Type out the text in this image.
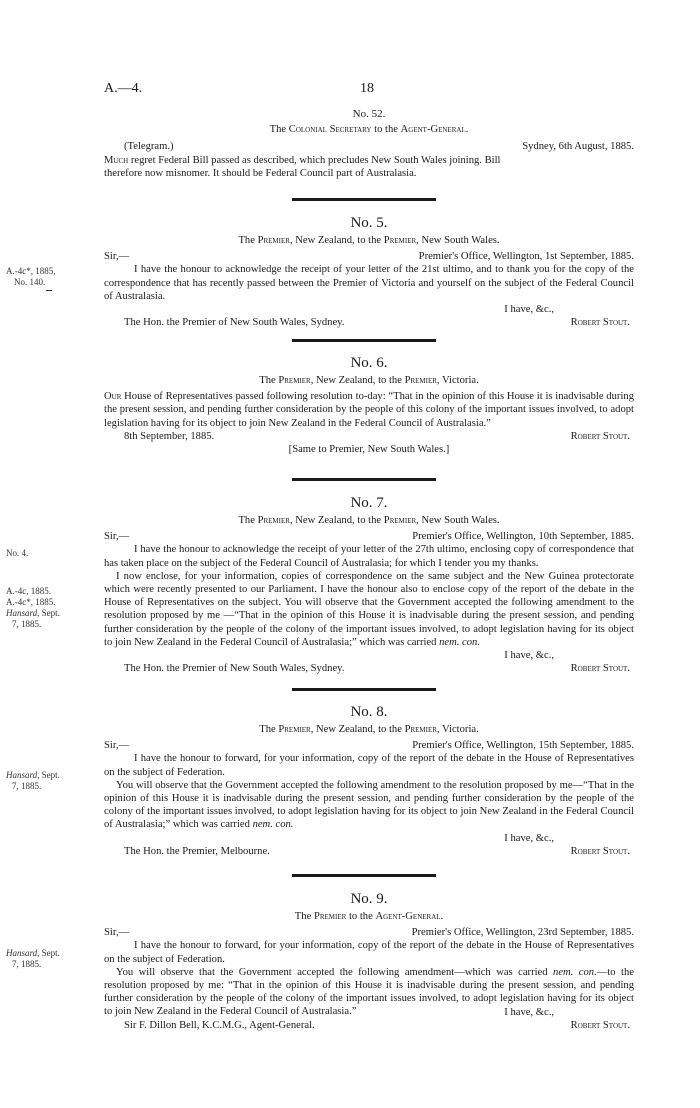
A.—4.	18

No. 52.

The Colonial Secretary to the Agent-General.

(Telegram.)	Sydney, 6th August, 1885.

Much regret Federal Bill passed as described, which precludes New South Wales joining. Bill

therefore now misnomer. It should be Federal Council part of Australasia.

No. 5.

The Premier, New Zealand, to the Premier, New South Wales.

Sir,—	Premier's Office, Wellington, 1st September, 1885.

I have the honour to acknowledge the receipt of your letter of the 21st ultimo, and to thank you for the copy of the correspondence that has recently passed between the Premier of Victoria and yourself on the subject of the Federal Council of Australasia.

I have, &c.,

The Hon. the Premier of New South Wales, Sydney.	Robert Stout.

No. 6.

The Premier, New Zealand, to the Premier, Victoria.

Our House of Representatives passed following resolution to-day: “That in the opinion of this House it is inadvisable during the present session, and pending further consideration by the people of this colony of the important issues involved, to adopt legislation having for its object to join New Zealand in the Federal Council of Australasia.”

8th September, 1885.	Robert Stout.

[Same to Premier, New South Wales.]

No. 7.

The Premier, New Zealand, to the Premier, New South Wales.

Sir,—	Premier's Office, Wellington, 10th September, 1885.

I have the honour to acknowledge the receipt of your letter of the 27th ultimo, enclosing copy of correspondence that has taken place on the subject of the Federal Council of Australasia; for which I tender you my thanks.

I now enclose, for your information, copies of correspondence on the same subject and the New Guinea protectorate which were recently presented to our Parliament. I have the honour also to enclose copy of the report of the debate in the House of Representatives on the subject. You will observe that the Government accepted the following amendment to the resolution proposed by me —“That in the opinion of this House it is inadvisable during the present session, and pending further consideration by the people of the colony of the important issues involved, to adopt legislation having for its object to join New Zealand in the Federal Council of Australasia;” which was carried nem. con.

I have, &c.,

The Hon. the Premier of New South Wales, Sydney.	Robert Stout.

No. 8.

The Premier, New Zealand, to the Premier, Victoria.

Sir,—	Premier's Office, Wellington, 15th September, 1885.

I have the honour to forward, for your information, copy of the report of the debate in the House of Representatives on the subject of Federation.

You will observe that the Government accepted the following amendment to the resolution proposed by me—“That in the opinion of this House it is inadvisable during the present session, and pending further consideration by the people of the colony of the important issues involved, to adopt legislation having for its object to join New Zealand in the Federal Council of Australasia;” which was carried nem. con.

I have, &c.,

The Hon. the Premier, Melbourne.	Robert Stout.

No. 9.

The Premier to the Agent-General.

Sir,—	Premier's Office, Wellington, 23rd September, 1885.

I have the honour to forward, for your information, copy of the report of the debate in the House of Representatives on the subject of Federation.

You will observe that the Government accepted the following amendment—which was carried nem. con.—to the resolution proposed by me: “That in the opinion of this House it is inadvisable during the present session, and pending further consideration by the people of the colony of the important issues involved, to adopt legislation having for its object to join New Zealand in the Federal Council of Australasia.”	I have, &c.,

Sir F. Dillon Bell, K.C.M.G., Agent-General.	Robert Stout.
A.-4c*, 1885,
No. 140.
No. 4.
A.-4c, 1885.
A.-4c*, 1885.
Hansard, Sept.
7, 1885.
Hansard, Sept.
7, 1885.
Hansard, Sept.
7, 1885.
